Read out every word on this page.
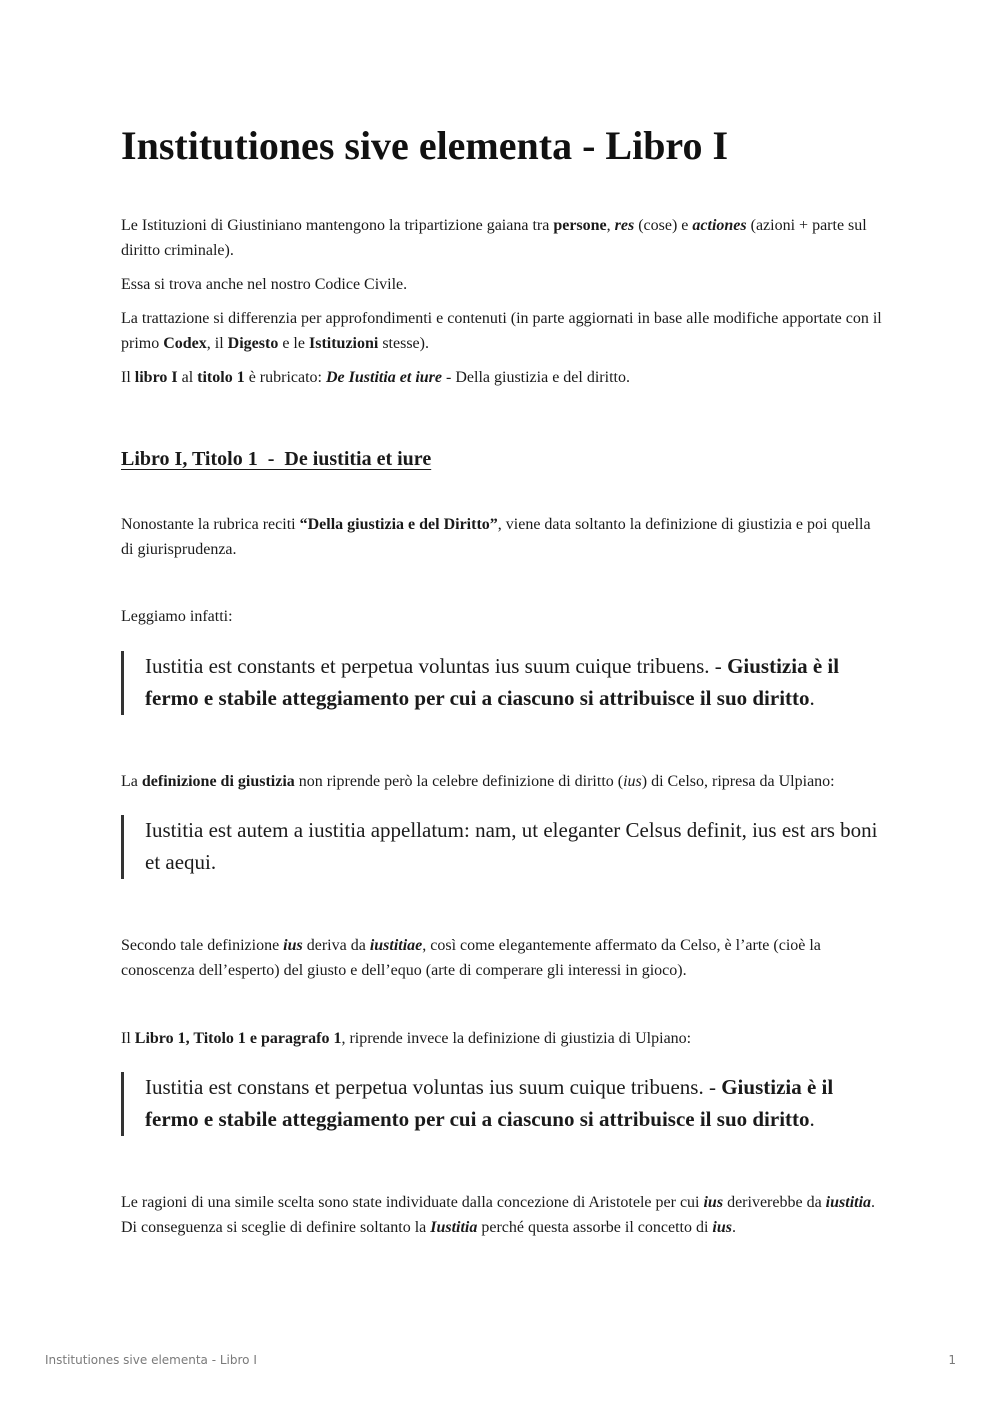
Institutiones sive elementa - Libro I

Le Istituzioni di Giustiniano mantengono la tripartizione gaiana tra persone, res (cose) e actiones (azioni + parte sul diritto criminale).

Essa si trova anche nel nostro Codice Civile.

La trattazione si differenzia per approfondimenti e contenuti (in parte aggiornati in base alle modifiche apportate con il primo Codex, il Digesto e le Istituzioni stesse).

Il libro I al titolo 1 è rubricato: De Iustitia et iure - Della giustizia e del diritto.

Libro I, Titolo 1  -  De iustitia et iure

Nonostante la rubrica reciti “Della giustizia e del Diritto”, viene data soltanto la definizione di giustizia e poi quella di giurisprudenza.

Leggiamo infatti:

Iustitia est constants et perpetua voluntas ius suum cuique tribuens. - Giustizia è il fermo e stabile atteggiamento per cui a ciascuno si attribuisce il suo diritto.

La definizione di giustizia non riprende però la celebre definizione di diritto (ius) di Celso, ripresa da Ulpiano:

Iustitia est autem a iustitia appellatum: nam, ut eleganter Celsus definit, ius est ars boni et aequi.

Secondo tale definizione ius deriva da iustitiae, così come elegantemente affermato da Celso, è l’arte (cioè la conoscenza dell’esperto) del giusto e dell’equo (arte di comperare gli interessi in gioco).

Il Libro 1, Titolo 1 e paragrafo 1, riprende invece la definizione di giustizia di Ulpiano:

Iustitia est constans et perpetua voluntas ius suum cuique tribuens. - Giustizia è il fermo e stabile atteggiamento per cui a ciascuno si attribuisce il suo diritto.

Le ragioni di una simile scelta sono state individuate dalla concezione di Aristotele per cui ius deriverebbe da iustitia. Di conseguenza si sceglie di definire soltanto la Iustitia perché questa assorbe il concetto di ius.

Institutiones sive elementa - Libro I	1
